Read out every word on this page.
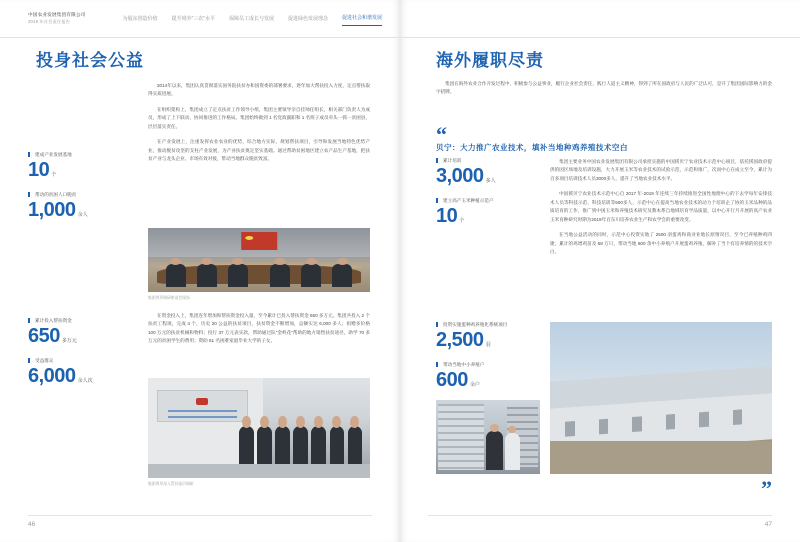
中国农业发展集团有限公司
2019 年社会责任报告	为股东创造价值	提升境外“三农”水平	保障员工成长与发展	促进绿色发展理念	促进社会和谐发展
投身社会公益

2014年以来，集团认真贯彻落实国务院扶贫办和国资委的部署要求，逐年加大帮扶投入力度，定点帮扶取得实质进展。

在组织架构上，集团成立了定点扶贫工作领导小组，集团主要领导亲自挂帅任组长，相关部门负责人为成员，形成了上下联动、协同推进的工作格局。集团始终做到 1 名党政副职和 1 名班子成员牵头一抓一贫困县，层层落实责任。

在产业发展上，注重发挥农业农业的优势，综合地方实际，规划帮扶项目，引导和发展当地特色优势产业，推动脱贫攻坚的支柱产业发展，为产业扶贫奠定坚实基础。通过帮助贫困地区建立农产品生产基地，把扶贫产业与龙头企业、市场有效对接，带动当地群众脱贫致富。

建成产业发展基地
10 个
帮动的贫困人口脱贫
1,000 余人
累计投入帮扶资金
650 多万元
受益群众
6,000 余人次
集团领导调研座谈会现场

在资金投入上，集团连年增加和帮扶资金投入量，至今累计已投入帮扶资金 650 多万元。集团共投入 2 个扶贫工程项，完成 4 个，历史 20 公益的扶贫项目，扶贫资金不断增加，总额实达 6,000 多人；捐赠多价格 100 万元的扶贫机械和物料；投行 37 万元表实款，帮助通过队“金岭花”帮助的地方销售扶贫途径，助学 70 多万元的贫困学生的费用；资助 51 名困难家庭毕业大学的子女。

集团领导深入帮扶基层调研
46
海外履职尽责

集团在海外农业合作开发过程中，积极参与公益事业，履行企业社会责任，践行人道主义精神，得到了所在国政府与人民的广泛认可，是开了集团国际影响力的金字招牌。

“
贝宁：大力推广农业技术，填补当地种鸡养殖技术空白

集团主要业务中国农业发展集团有限公司承担实施的中国援贝宁农业技术示范中心项目，依托援国政府提供的园区场地及培训设施，大力开展玉米等农业技术的试验示范，示范和推广，次而中心在成立至今，累计为百多项目培训技术人员3000多人，提升了当地农业技术水平。

中国援贝宁农业技术示范中心自 2017 年-2019 年连续三年持续推进全国性地理中心的下去学每年安排技术人员等科技示范、科技培训等500多人，示范中心在提高当地农业技术的动力个培训企了协的玉米品种的品质培育的工作，推广到中国玉米和养殖技术研究及教本系自地域培育学品质量，以中心开行月开展的高产农业玉米育种研究时期为2019年百东川培养农业生产和农学会的重要改变。

在当地公益活动的同时，示范中心投资实地了 2500 羽蛋鸡和商业业地长原情况目，至今已养殖种鸡四捷，累计的鸡增鸡苗及 68 万只，带动当地 600 余中小养殖户开展蛋鸡养殖，解补了当个有培养情的的技术空白。

累计培训
3,000 多人
建立高产玉米种植示范户
10 个
投资实施蛋种鸡养殖化系统项目
2,500 羽
带动当地中小养殖户
600 余户
”
47
